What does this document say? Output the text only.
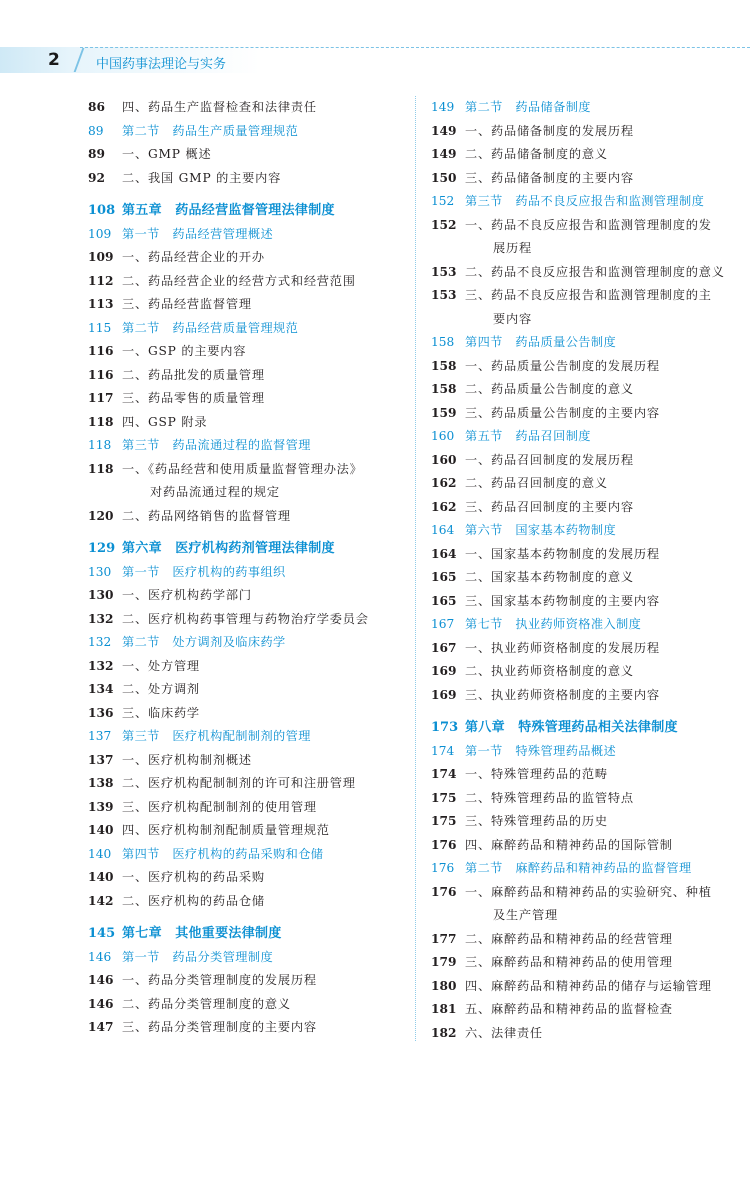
2	中国药事法理论与实务
86	四、药品生产监督检查和法律责任
89	第二节　药品生产质量管理规范
89	一、GMP 概述
92	二、我国 GMP 的主要内容
108 第五章　药品经营监督管理法律制度
109 第一节　药品经营管理概述
109 一、药品经营企业的开办
112 二、药品经营企业的经营方式和经营范围
113 三、药品经营监督管理
115 第二节　药品经营质量管理规范
116 一、GSP 的主要内容
116 二、药品批发的质量管理
117 三、药品零售的质量管理
118 四、GSP 附录
118 第三节　药品流通过程的监督管理
118 一、《药品经营和使用质量监督管理办法》
对药品流通过程的规定
120 二、药品网络销售的监督管理
129 第六章　医疗机构药剂管理法律制度
130 第一节　医疗机构的药事组织
130 一、医疗机构药学部门
132 二、医疗机构药事管理与药物治疗学委员会
132 第二节　处方调剂及临床药学
132 一、处方管理
134 二、处方调剂
136 三、临床药学
137 第三节　医疗机构配制制剂的管理
137 一、医疗机构制剂概述
138 二、医疗机构配制制剂的许可和注册管理
139 三、医疗机构配制制剂的使用管理
140 四、医疗机构制剂配制质量管理规范
140 第四节　医疗机构的药品采购和仓储
140 一、医疗机构的药品采购
142 二、医疗机构的药品仓储
145 第七章　其他重要法律制度
146 第一节　药品分类管理制度
146 一、药品分类管理制度的发展历程
146 二、药品分类管理制度的意义
147 三、药品分类管理制度的主要内容
149 第二节　药品储备制度
149 一、药品储备制度的发展历程
149 二、药品储备制度的意义
150 三、药品储备制度的主要内容
152 第三节　药品不良反应报告和监测管理制度
152 一、药品不良反应报告和监测管理制度的发
展历程
153 二、药品不良反应报告和监测管理制度的意义
153 三、药品不良反应报告和监测管理制度的主
要内容
158 第四节　药品质量公告制度
158 一、药品质量公告制度的发展历程
158 二、药品质量公告制度的意义
159 三、药品质量公告制度的主要内容
160 第五节　药品召回制度
160 一、药品召回制度的发展历程
162 二、药品召回制度的意义
162 三、药品召回制度的主要内容
164 第六节　国家基本药物制度
164 一、国家基本药物制度的发展历程
165 二、国家基本药物制度的意义
165 三、国家基本药物制度的主要内容
167 第七节　执业药师资格准入制度
167 一、执业药师资格制度的发展历程
169 二、执业药师资格制度的意义
169 三、执业药师资格制度的主要内容
173 第八章　特殊管理药品相关法律制度
174 第一节　特殊管理药品概述
174 一、特殊管理药品的范畴
175 二、特殊管理药品的监管特点
175 三、特殊管理药品的历史
176 四、麻醉药品和精神药品的国际管制
176 第二节　麻醉药品和精神药品的监督管理
176 一、麻醉药品和精神药品的实验研究、种植
及生产管理
177 二、麻醉药品和精神药品的经营管理
179 三、麻醉药品和精神药品的使用管理
180 四、麻醉药品和精神药品的储存与运输管理
181 五、麻醉药品和精神药品的监督检查
182 六、法律责任
